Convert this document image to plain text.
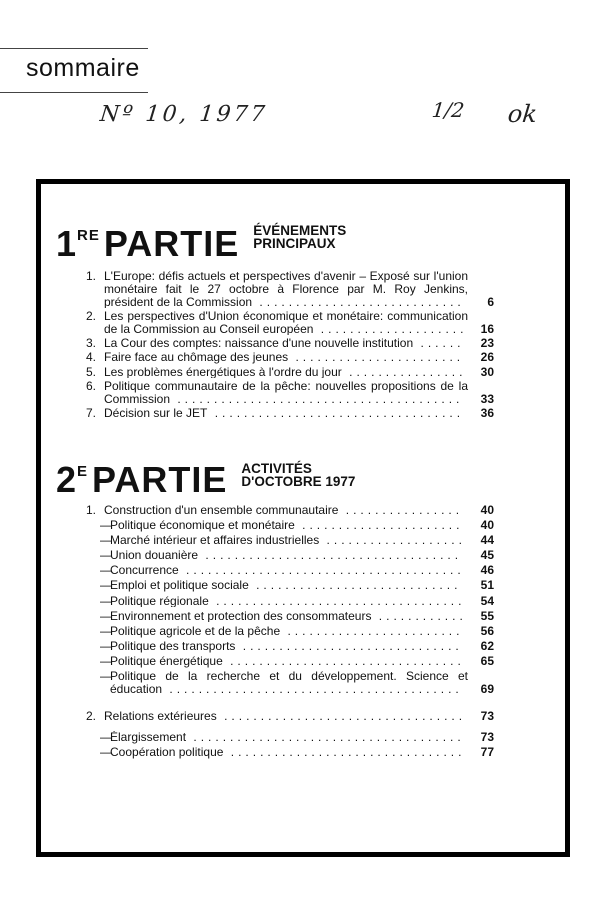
sommaire
Nº 10, 1977	1/2 ok
1 RE PARTIE ÉVÉNEMENTS
PRINCIPAUX
1. L'Europe: défis actuels et perspectives d'avenir – Exposé sur l'union monétaire fait le 27 octobre à Florence par M. Roy Jenkins, président de la Commission ............................	6
2. Les perspectives d'Union économique et monétaire: communication de la Commission au Conseil européen ....................	16
3. La Cour des comptes: naissance d'une nouvelle institution ......	23
4. Faire face au chômage des jeunes .......................	26
5. Les problèmes énergétiques à l'ordre du jour ................	30
6. Politique communautaire de la pêche: nouvelles propositions de la Commission .......................................	33
7. Décision sur le JET ..................................	36
2 E PARTIE ACTIVITÉS
D'OCTOBRE 1977
1. Construction d'un ensemble communautaire ................	40
—
Politique économique et monétaire ......................	40
—
Marché intérieur et affaires industrielles ...................	44
—
Union douanière ...................................	45
—
Concurrence ......................................	46
—
Emploi et politique sociale ............................	51
—
Politique régionale ..................................	54
—
Environnement et protection des consommateurs ............	55
—
Politique agricole et de la pêche ........................	56
—
Politique des transports ..............................	62
—
Politique énergétique ................................	65
—
Politique de la recherche et du développement. Science et éducation ........................................	69
2. Relations extérieures .................................	73
—
Élargissement .....................................	73
—
Coopération politique ................................	77
